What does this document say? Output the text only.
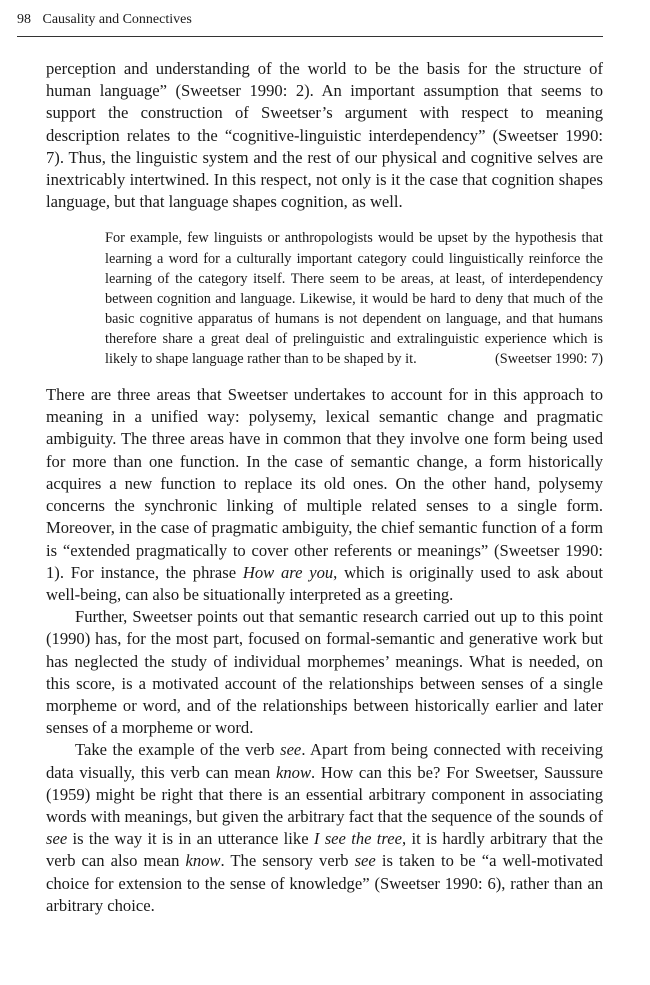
98 Causality and Connectives

perception and understanding of the world to be the basis for the structure of human language” (Sweetser 1990: 2). An important assumption that seems to support the construction of Sweetser’s argument with respect to meaning description relates to the “cognitive-linguistic interdependency” (Sweetser 1990: 7). Thus, the linguistic system and the rest of our physical and cognitive selves are inextricably intertwined. In this respect, not only is it the case that cognition shapes language, but that language shapes cognition, as well.

For example, few linguists or anthropologists would be upset by the hypothesis that learning a word for a culturally important category could linguistically reinforce the learning of the category itself. There seem to be areas, at least, of interdependency between cognition and language. Likewise, it would be hard to deny that much of the basic cognitive apparatus of humans is not dependent on language, and that humans therefore share a great deal of prelinguistic and extralinguistic experience which is likely to shape language rather than to be shaped by it.	(Sweetser 1990: 7)

There are three areas that Sweetser undertakes to account for in this approach to meaning in a unified way: polysemy, lexical semantic change and pragmatic ambiguity. The three areas have in common that they involve one form being used for more than one function. In the case of semantic change, a form historically acquires a new function to replace its old ones. On the other hand, polysemy concerns the synchronic linking of multiple related senses to a single form. Moreover, in the case of pragmatic ambiguity, the chief semantic function of a form is “extended pragmatically to cover other referents or meanings” (Sweetser 1990: 1). For instance, the phrase How are you, which is originally used to ask about well-being, can also be situationally interpreted as a greeting.

Further, Sweetser points out that semantic research carried out up to this point (1990) has, for the most part, focused on formal-semantic and generative work but has neglected the study of individual morphemes’ meanings. What is needed, on this score, is a motivated account of the relationships between senses of a single morpheme or word, and of the relationships between historically earlier and later senses of a morpheme or word.

Take the example of the verb see. Apart from being connected with receiving data visually, this verb can mean know. How can this be? For Sweetser, Saussure (1959) might be right that there is an essential arbitrary component in associating words with meanings, but given the arbitrary fact that the sequence of the sounds of see is the way it is in an utterance like I see the tree, it is hardly arbitrary that the verb can also mean know. The sensory verb see is taken to be “a well-motivated choice for extension to the sense of knowledge” (Sweetser 1990: 6), rather than an arbitrary choice.
